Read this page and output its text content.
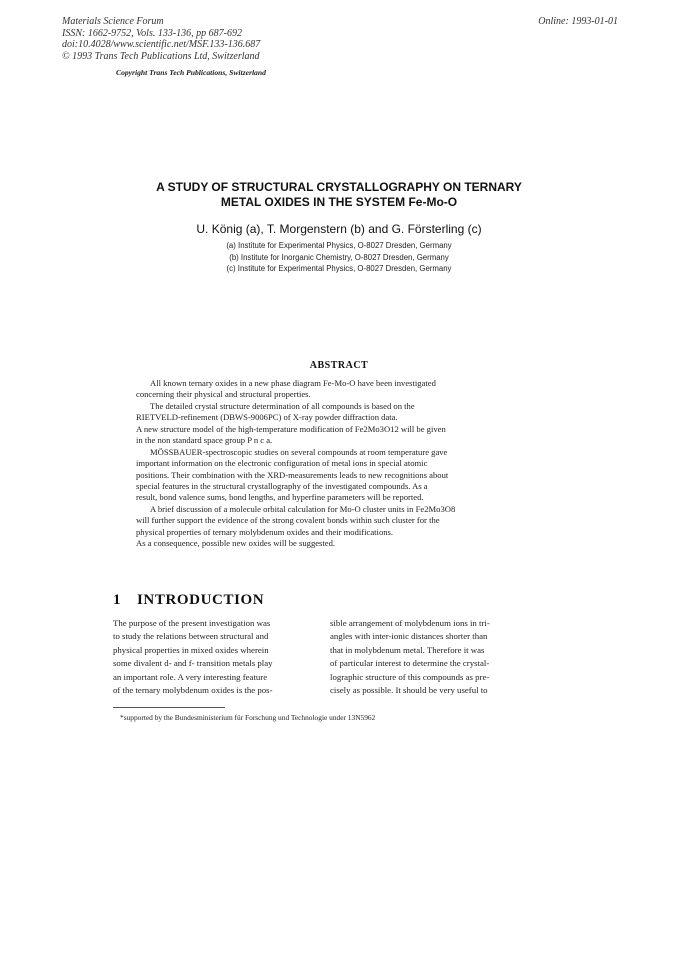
Materials Science Forum
ISSN: 1662-9752, Vols. 133-136, pp 687-692
doi:10.4028/www.scientific.net/MSF.133-136.687
© 1993 Trans Tech Publications Ltd, Switzerland
Online: 1993-01-01
Copyright Trans Tech Publications, Switzerland
A STUDY OF STRUCTURAL CRYSTALLOGRAPHY ON TERNARY
METAL OXIDES IN THE SYSTEM Fe-Mo-O
U. König (a), T. Morgenstern (b) and G. Försterling (c)
(a) Institute for Experimental Physics, O-8027 Dresden, Germany
(b) Institute for Inorganic Chemistry, O-8027 Dresden, Germany
(c) Institute for Experimental Physics, O-8027 Dresden, Germany
ABSTRACT
All known ternary oxides in a new phase diagram Fe-Mo-O have been investigated
concerning their physical and structural properties.
The detailed crystal structure determination of all compounds is based on the
RIETVELD-refinement (DBWS-9006PC) of X-ray powder diffraction data.
A new structure model of the high-temperature modification of Fe2Mo3O12 will be given
in the non standard space group P n c a.
MÖSSBAUER-spectroscopic studies on several compounds at room temperature gave
important information on the electronic configuration of metal ions in special atomic
positions. Their combination with the XRD-measurements leads to new recognitions about
special features in the structural crystallography of the investigated compounds. As a
result, bond valence sums, bond lengths, and hyperfine parameters will be reported.
A brief discussion of a molecule orbital calculation for Mo-O cluster units in Fe2Mo3O8
will further support the evidence of the strong covalent bonds within such cluster for the
physical properties of ternary molybdenum oxides and their modifications.
As a consequence, possible new oxides will be suggested.
1 INTRODUCTION
The purpose of the present investigation was
to study the relations between structural and
physical properties in mixed oxides wherein
some divalent d- and f- transition metals play
an important role. A very interesting feature
of the ternary molybdenum oxides is the pos-
sible arrangement of molybdenum ions in tri-
angles with inter-ionic distances shorter than
that in molybdenum metal. Therefore it was
of particular interest to determine the crystal-
lographic structure of this compounds as pre-
cisely as possible. It should be very useful to
*supported by the Bundesministerium für Forschung und Technologie under 13N5962
